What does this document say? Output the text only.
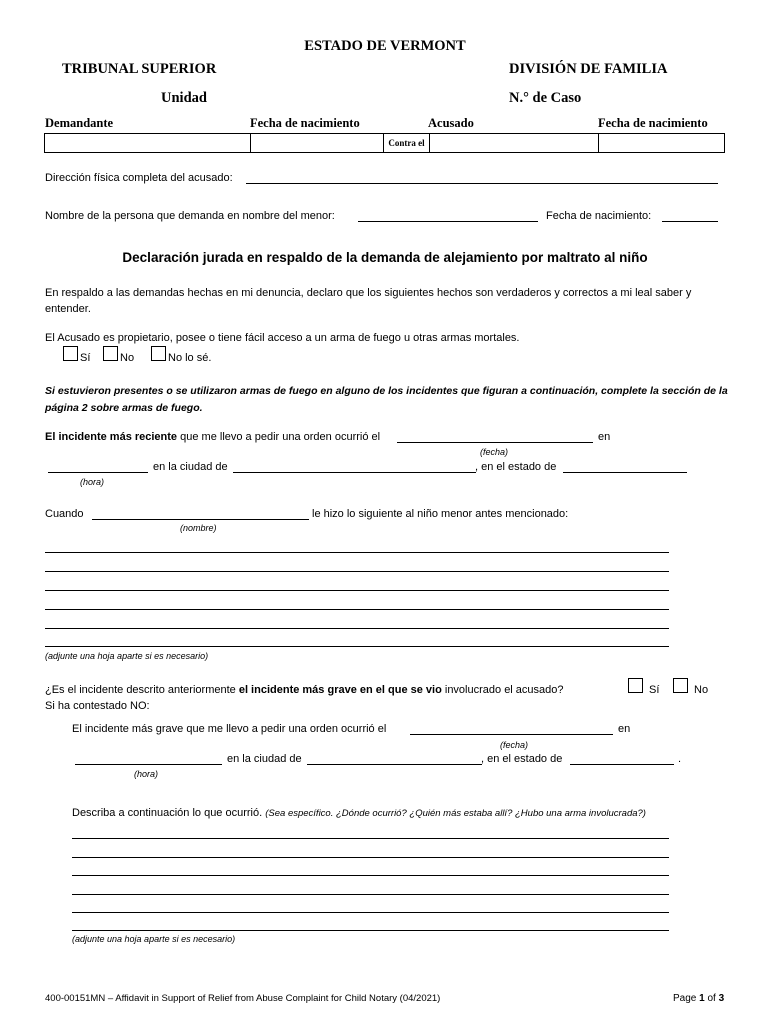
ESTADO DE VERMONT
TRIBUNAL SUPERIOR	DIVISIÓN DE FAMILIA
Unidad	N.° de Caso
Demandante	Fecha de nacimiento	Acusado	Fecha de nacimiento
Contra el
Dirección física completa del acusado:
Nombre de la persona que demanda en nombre del menor:	Fecha de nacimiento:
Declaración jurada en respaldo de la demanda de alejamiento por maltrato al niño
En respaldo a las demandas hechas en mi denuncia, declaro que los siguientes hechos son verdaderos y correctos a mi leal saber y entender.
El Acusado es propietario, posee o tiene fácil acceso a un arma de fuego u otras armas mortales.
Sí	No	No lo sé.
Si estuvieron presentes o se utilizaron armas de fuego en alguno de los incidentes que figuran a continuación, complete la sección de la página 2 sobre armas de fuego.
El incidente más reciente que me llevo a pedir una orden ocurrió el	en
(fecha)
en la ciudad de	, en el estado de
(hora)
Cuando	le hizo lo siguiente al niño menor antes mencionado:
(nombre)
(adjunte una hoja aparte si es necesario)
¿Es el incidente descrito anteriormente el incidente más grave en el que se vio involucrado el acusado?	Sí	No
Si ha contestado NO:
El incidente más grave que me llevo a pedir una orden ocurrió el	en
(fecha)
en la ciudad de	, en el estado de	.
(hora)
Describa a continuación lo que ocurrió. (Sea específico. ¿Dónde ocurrió? ¿Quién más estaba allí? ¿Hubo una arma involucrada?)
(adjunte una hoja aparte si es necesario)
400-00151MN – Affidavit in Support of Relief from Abuse Complaint for Child Notary (04/2021)	Page 1 of 3
